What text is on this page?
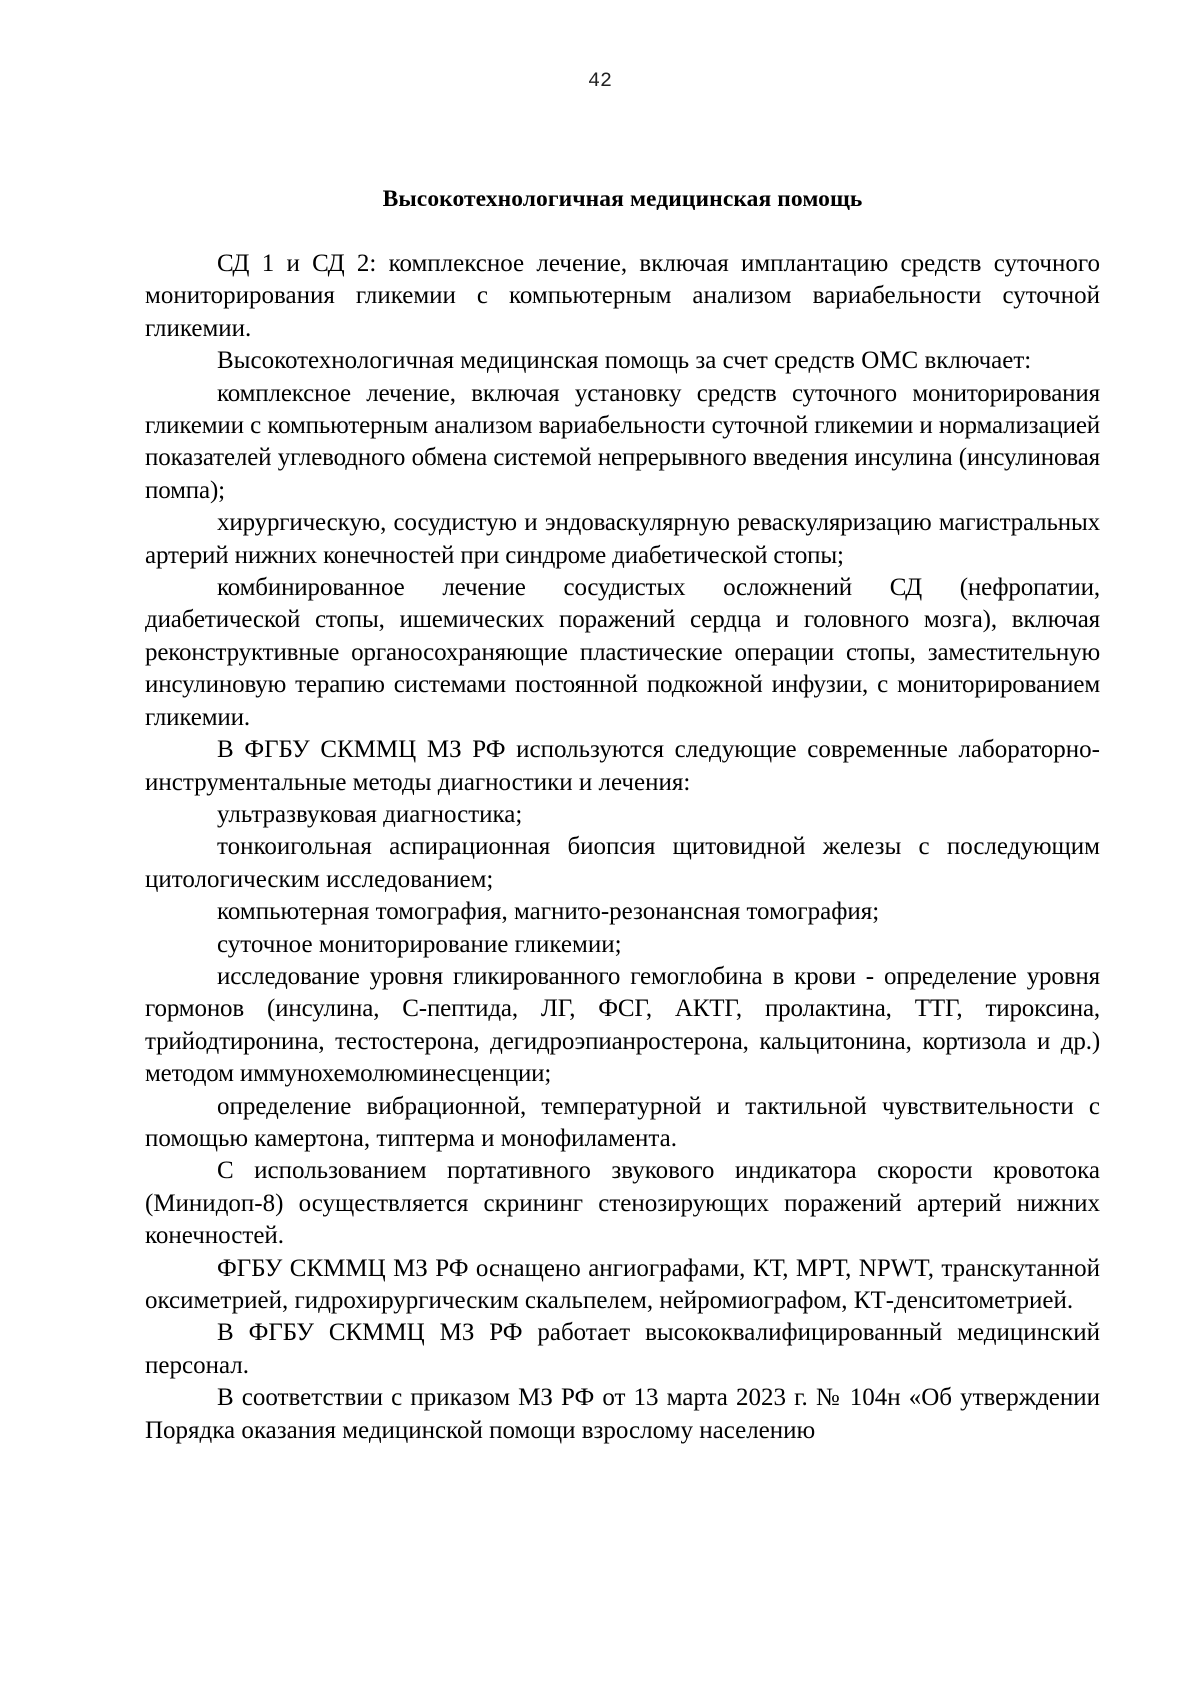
42
Высокотехнологичная медицинская помощь

СД 1 и СД 2: комплексное лечение, включая имплантацию средств суточного мониторирования гликемии с компьютерным анализом вариабельности суточной гликемии.

Высокотехнологичная медицинская помощь за счет средств ОМС включает:

комплексное лечение, включая установку средств суточного мониторирования гликемии с компьютерным анализом вариабельности суточной гликемии и нормализацией показателей углеводного обмена системой непрерывного введения инсулина (инсулиновая помпа);

хирургическую, сосудистую и эндоваскулярную реваскуляризацию магистральных артерий нижних конечностей при синдроме диабетической стопы;

комбинированное лечение сосудистых осложнений СД (нефропатии, диабетической стопы, ишемических поражений сердца и головного мозга), включая реконструктивные органосохраняющие пластические операции стопы, заместительную инсулиновую терапию системами постоянной подкожной инфузии, с мониторированием гликемии.

В ФГБУ СКММЦ МЗ РФ используются следующие современные лабораторно-инструментальные методы диагностики и лечения:

ультразвуковая диагностика;

тонкоигольная аспирационная биопсия щитовидной железы с последующим цитологическим исследованием;

компьютерная томография, магнито-резонансная томография;

суточное мониторирование гликемии;

исследование уровня гликированного гемоглобина в крови - определение уровня гормонов (инсулина, С-пептида, ЛГ, ФСГ, АКТГ, пролактина, ТТГ, тироксина, трийодтиронина, тестостерона, дегидроэпианростерона, кальцитонина, кортизола и др.) методом иммунохемолюминесценции;

определение вибрационной, температурной и тактильной чувствительности с помощью камертона, типтерма и монофиламента.

С использованием портативного звукового индикатора скорости кровотока (Минидоп-8) осуществляется скрининг стенозирующих поражений артерий нижних конечностей.

ФГБУ СКММЦ МЗ РФ оснащено ангиографами, КТ, МРТ, NPWT, транскутанной оксиметрией, гидрохирургическим скальпелем, нейромиографом, КТ-денситометрией.

В ФГБУ СКММЦ МЗ РФ работает высококвалифицированный медицинский персонал.

В соответствии с приказом МЗ РФ от 13 марта 2023 г. № 104н «Об утверждении Порядка оказания медицинской помощи взрослому населению
